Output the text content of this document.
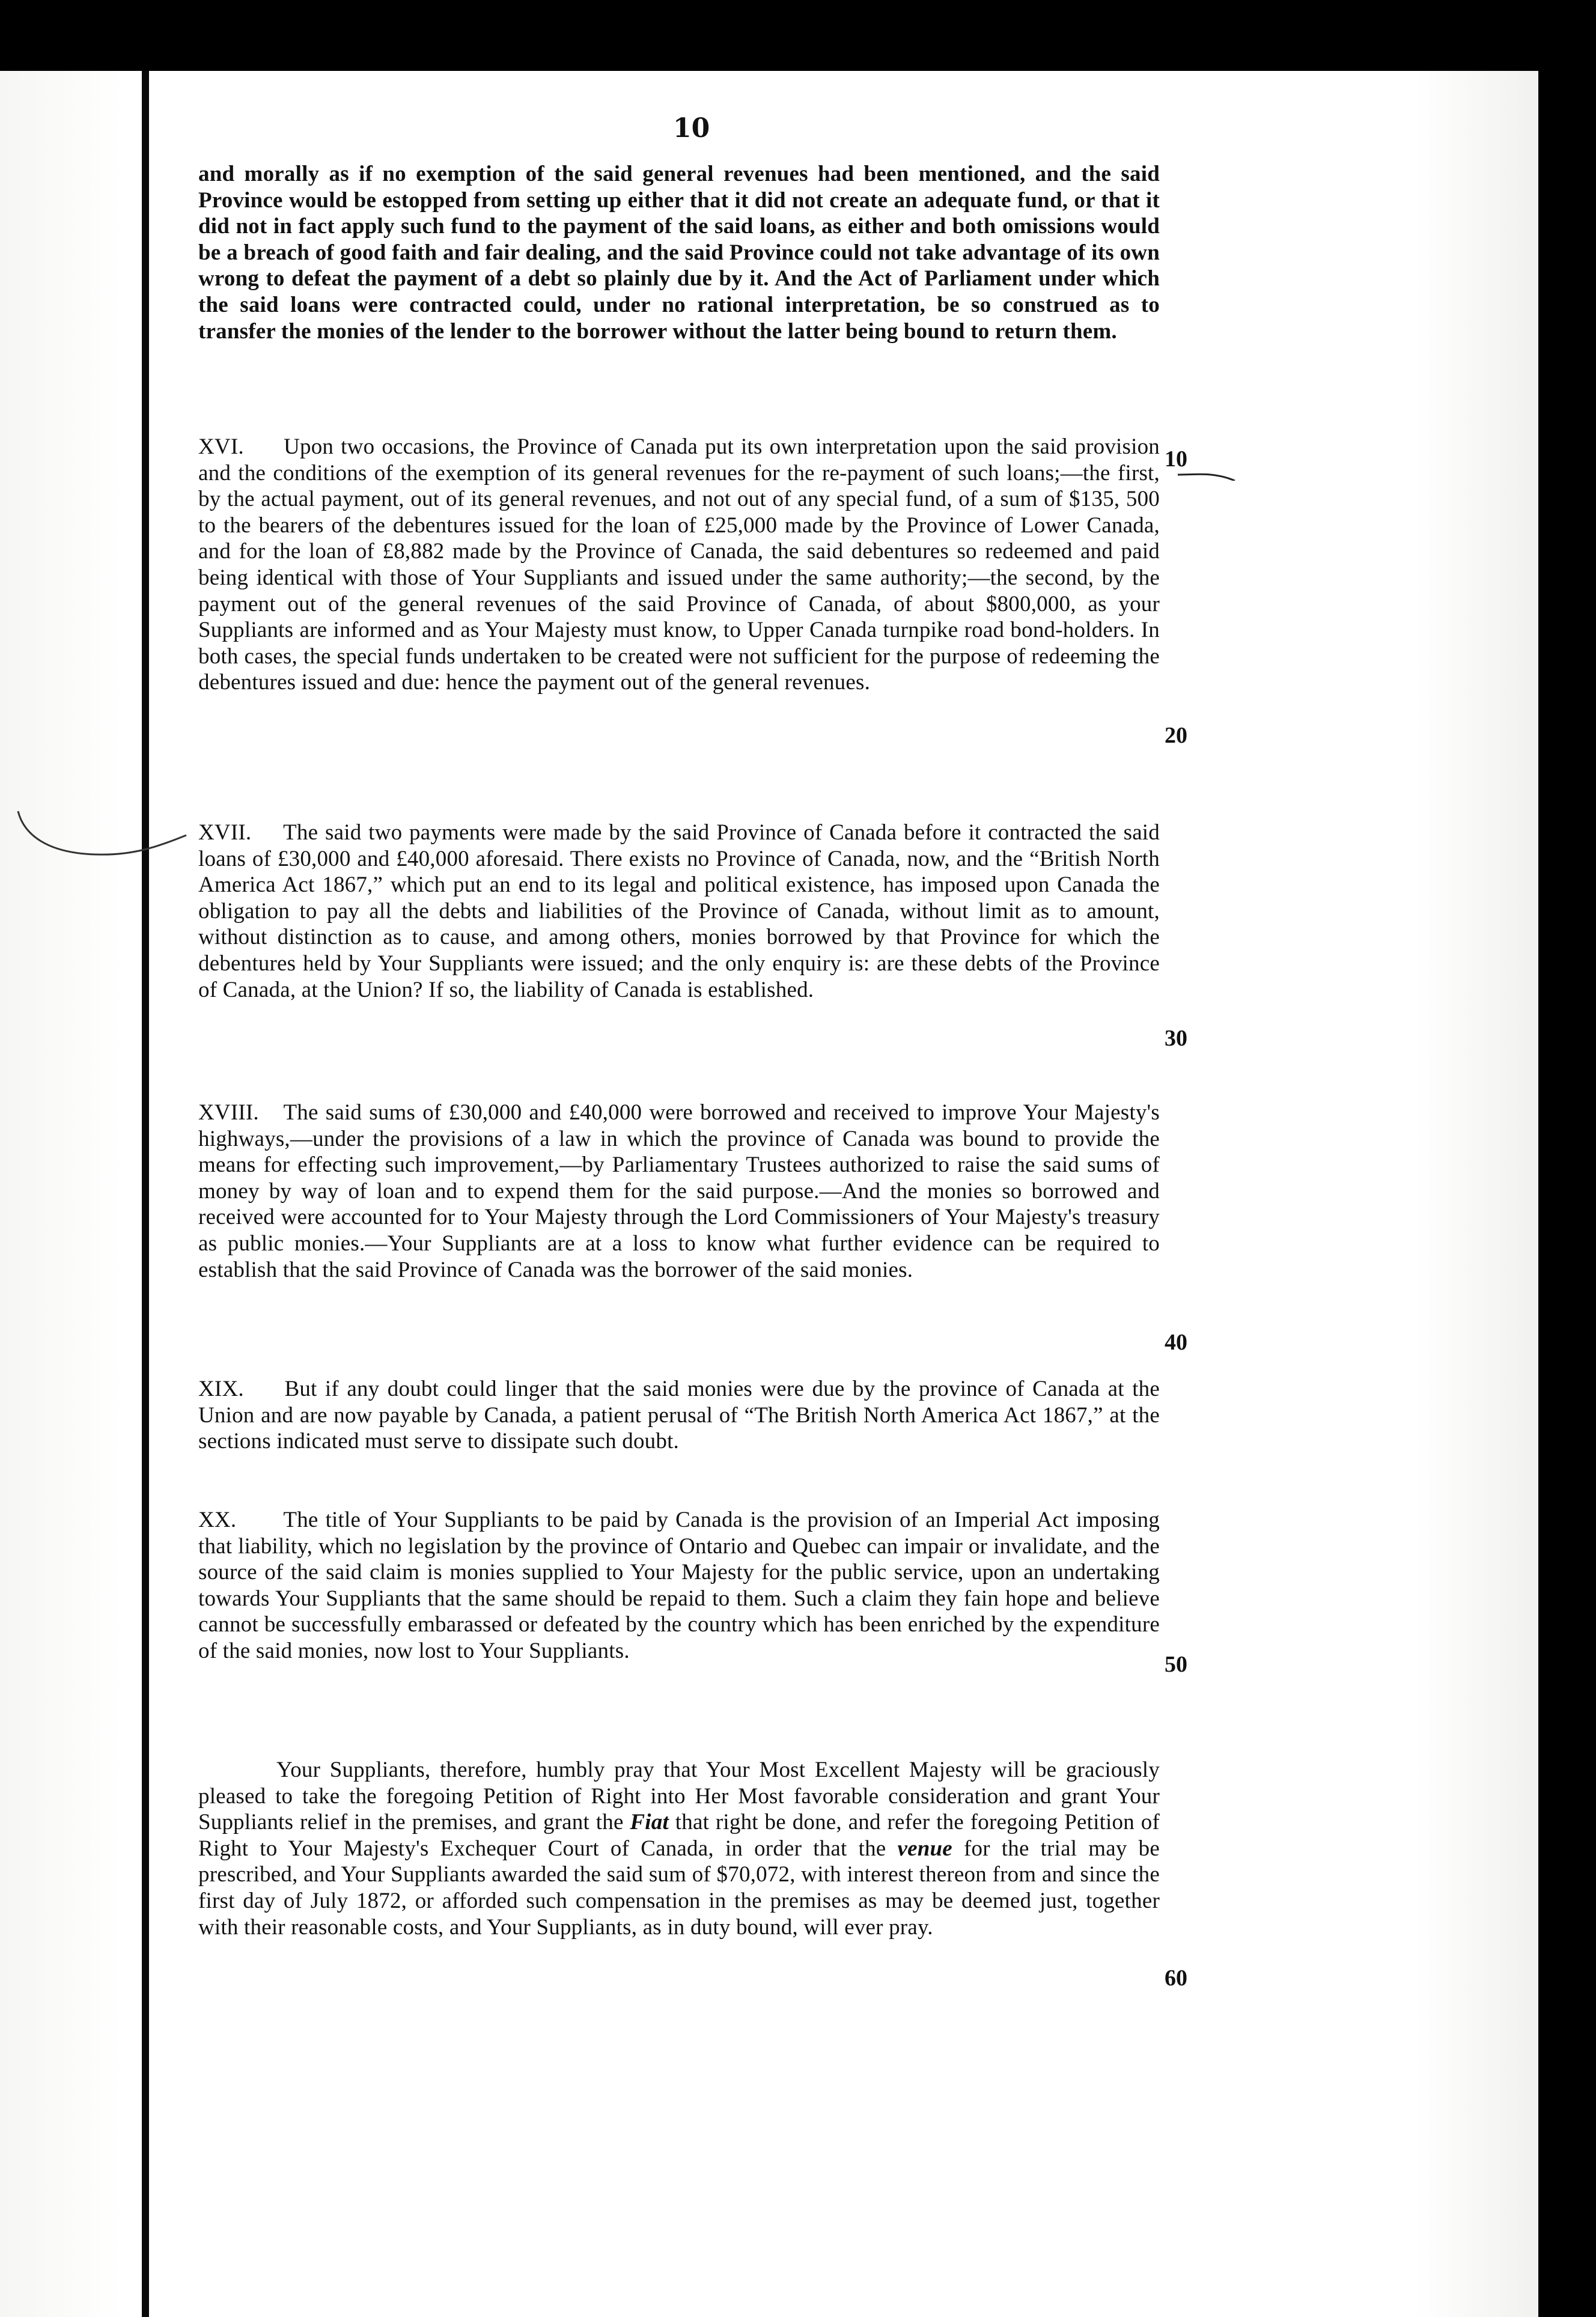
10

and morally as if no exemption of the said general revenues had been mentioned, and the said Province would be estopped from setting up either that it did not create an adequate fund, or that it did not in fact apply such fund to the payment of the said loans, as either and both omissions would be a breach of good faith and fair dealing, and the said Province could not take advantage of its own wrong to defeat the payment of a debt so plainly due by it. And the Act of Parliament under which the said loans were contracted could, under no rational interpretation, be so construed as to transfer the monies of the lender to the borrower without the latter being bound to return them.

XVI. Upon two occasions, the Province of Canada put its own interpretation upon the said provision and the conditions of the exemption of its general revenues for the re-payment of such loans;—the first, by the actual payment, out of its general revenues, and not out of any special fund, of a sum of $135, 500 to the bearers of the debentures issued for the loan of £25,000 made by the Province of Lower Canada, and for the loan of £8,882 made by the Province of Canada, the said debentures so redeemed and paid being identical with those of Your Suppliants and issued under the same authority;—the second, by the payment out of the general revenues of the said Province of Canada, of about $800,000, as your Suppliants are informed and as Your Majesty must know, to Upper Canada turnpike road bond-holders. In both cases, the special funds undertaken to be created were not sufficient for the purpose of redeeming the debentures issued and due: hence the payment out of the general revenues.

XVII. The said two payments were made by the said Province of Canada before it contracted the said loans of £30,000 and £40,000 aforesaid. There exists no Province of Canada, now, and the “British North America Act 1867,” which put an end to its legal and political existence, has imposed upon Canada the obligation to pay all the debts and liabilities of the Province of Canada, without limit as to amount, without distinction as to cause, and among others, monies borrowed by that Province for which the debentures held by Your Suppliants were issued; and the only enquiry is: are these debts of the Province of Canada, at the Union? If so, the liability of Canada is established.

XVIII. The said sums of £30,000 and £40,000 were borrowed and received to improve Your Majesty's highways,—under the provisions of a law in which the province of Canada was bound to provide the means for effecting such improvement,—by Parliamentary Trustees authorized to raise the said sums of money by way of loan and to expend them for the said purpose.—And the monies so borrowed and received were accounted for to Your Majesty through the Lord Commissioners of Your Majesty's treasury as public monies.—Your Suppliants are at a loss to know what further evidence can be required to establish that the said Province of Canada was the borrower of the said monies.

XIX. But if any doubt could linger that the said monies were due by the province of Canada at the Union and are now payable by Canada, a patient perusal of “The British North America Act 1867,” at the sections indicated must serve to dissipate such doubt.

XX. The title of Your Suppliants to be paid by Canada is the provision of an Imperial Act imposing that liability, which no legislation by the province of Ontario and Quebec can impair or invalidate, and the source of the said claim is monies supplied to Your Majesty for the public service, upon an undertaking towards Your Suppliants that the same should be repaid to them. Such a claim they fain hope and believe cannot be successfully embarassed or defeated by the country which has been enriched by the expenditure of the said monies, now lost to Your Suppliants.

Your Suppliants, therefore, humbly pray that Your Most Excellent Majesty will be graciously pleased to take the foregoing Petition of Right into Her Most favorable consideration and grant Your Suppliants relief in the premises, and grant the Fiat that right be done, and refer the foregoing Petition of Right to Your Majesty's Exchequer Court of Canada, in order that the venue for the trial may be prescribed, and Your Suppliants awarded the said sum of $70,072, with interest thereon from and since the first day of July 1872, or afforded such compensation in the premises as may be deemed just, together with their reasonable costs, and Your Suppliants, as in duty bound, will ever pray.

10
20
30
40
50
60
